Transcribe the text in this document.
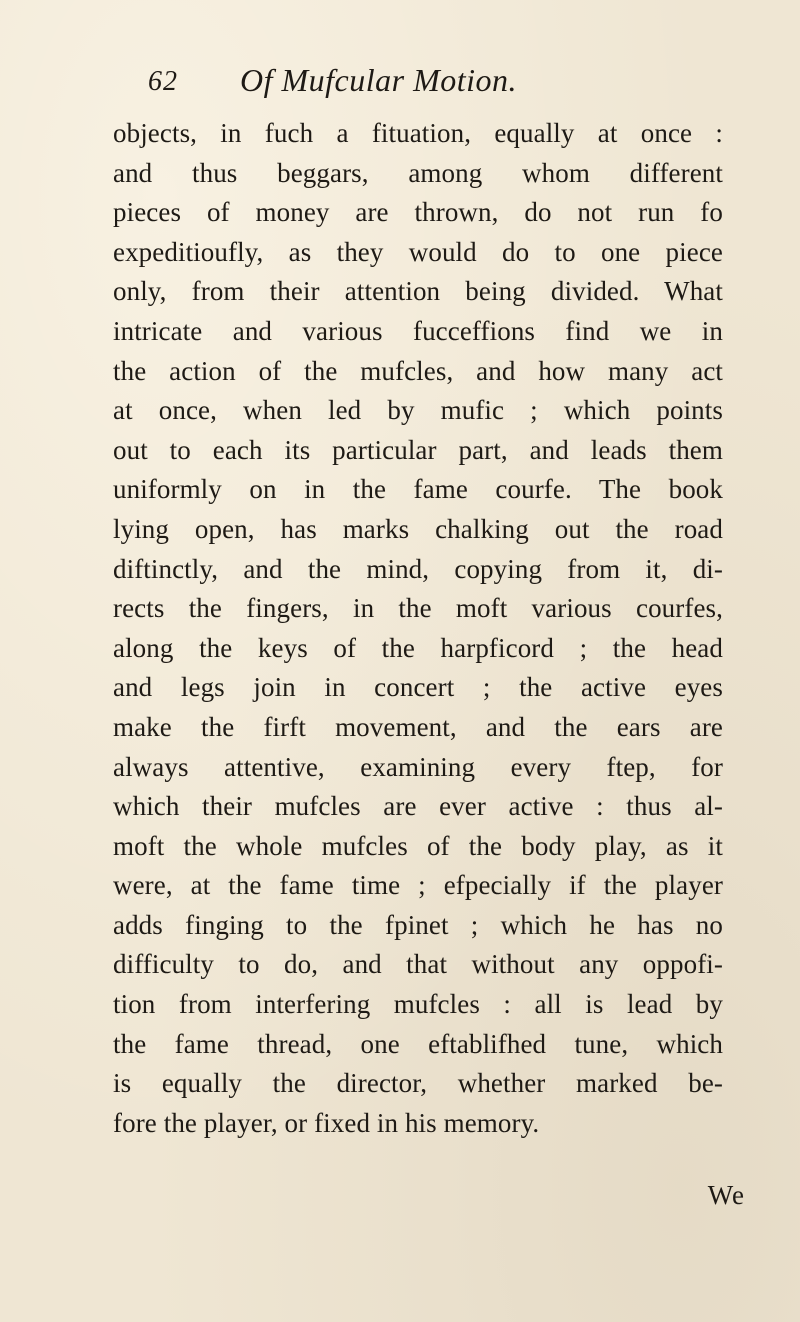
62 Of Mufcular Motion.
objects, in fuch a fituation, equally at once :
and thus beggars, among whom different
pieces of money are thrown, do not run fo
expeditioufly, as they would do to one piece
only, from their attention being divided. What
intricate and various fucceffions find we in
the action of the mufcles, and how many act
at once, when led by mufic ; which points
out to each its particular part, and leads them
uniformly on in the fame courfe. The book
lying open, has marks chalking out the road
diftinctly, and the mind, copying from it, di-
rects the fingers, in the moft various courfes,
along the keys of the harpficord ; the head
and legs join in concert ; the active eyes
make the firft movement, and the ears are
always attentive, examining every ftep, for
which their mufcles are ever active : thus al-
moft the whole mufcles of the body play, as it
were, at the fame time ; efpecially if the player
adds finging to the fpinet ; which he has no
difficulty to do, and that without any oppofi-
tion from interfering mufcles : all is lead by
the fame thread, one eftablifhed tune, which
is equally the director, whether marked be-
fore the player, or fixed in his memory.
We
